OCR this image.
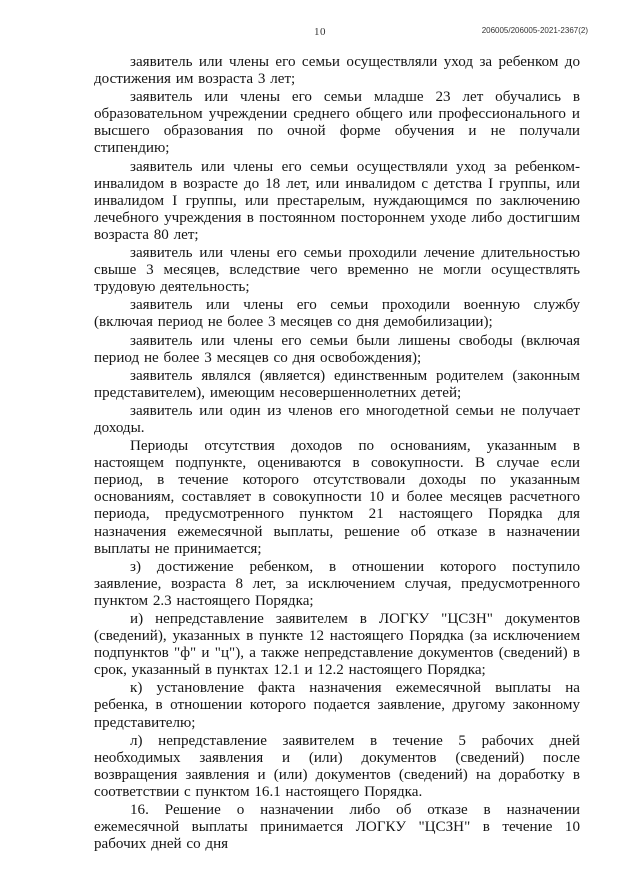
10	206005/206005-2021-2367(2)

заявитель или члены его семьи осуществляли уход за ребенком до достижения им возраста 3 лет;

заявитель или члены его семьи младше 23 лет обучались в образовательном учреждении среднего общего или профессионального и высшего образования по очной форме обучения и не получали стипендию;

заявитель или члены его семьи осуществляли уход за ребенком-инвалидом в возрасте до 18 лет, или инвалидом с детства I группы, или инвалидом I группы, или престарелым, нуждающимся по заключению лечебного учреждения в постоянном постороннем уходе либо достигшим возраста 80 лет;

заявитель или члены его семьи проходили лечение длительностью свыше 3 месяцев, вследствие чего временно не могли осуществлять трудовую деятельность;

заявитель или члены его семьи проходили военную службу (включая период не более 3 месяцев со дня демобилизации);

заявитель или члены его семьи были лишены свободы (включая период не более 3 месяцев со дня освобождения);

заявитель являлся (является) единственным родителем (законным представителем), имеющим несовершеннолетних детей;

заявитель или один из членов его многодетной семьи не получает доходы.

Периоды отсутствия доходов по основаниям, указанным в настоящем подпункте, оцениваются в совокупности. В случае если период, в течение которого отсутствовали доходы по указанным основаниям, составляет в совокупности 10 и более месяцев расчетного периода, предусмотренного пунктом 21 настоящего Порядка для назначения ежемесячной выплаты, решение об отказе в назначении выплаты не принимается;

з) достижение ребенком, в отношении которого поступило заявление, возраста 8 лет, за исключением случая, предусмотренного пунктом 2.3 настоящего Порядка;

и) непредставление заявителем в ЛОГКУ "ЦСЗН" документов (сведений), указанных в пункте 12 настоящего Порядка (за исключением подпунктов "ф" и "ц"), а также непредставление документов (сведений) в срок, указанный в пунктах 12.1 и 12.2 настоящего Порядка;

к) установление факта назначения ежемесячной выплаты на ребенка, в отношении которого подается заявление, другому законному представителю;

л) непредставление заявителем в течение 5 рабочих дней необходимых заявления и (или) документов (сведений) после возвращения заявления и (или) документов (сведений) на доработку в соответствии с пунктом 16.1 настоящего Порядка.

16. Решение о назначении либо об отказе в назначении ежемесячной выплаты принимается ЛОГКУ "ЦСЗН" в течение 10 рабочих дней со дня
